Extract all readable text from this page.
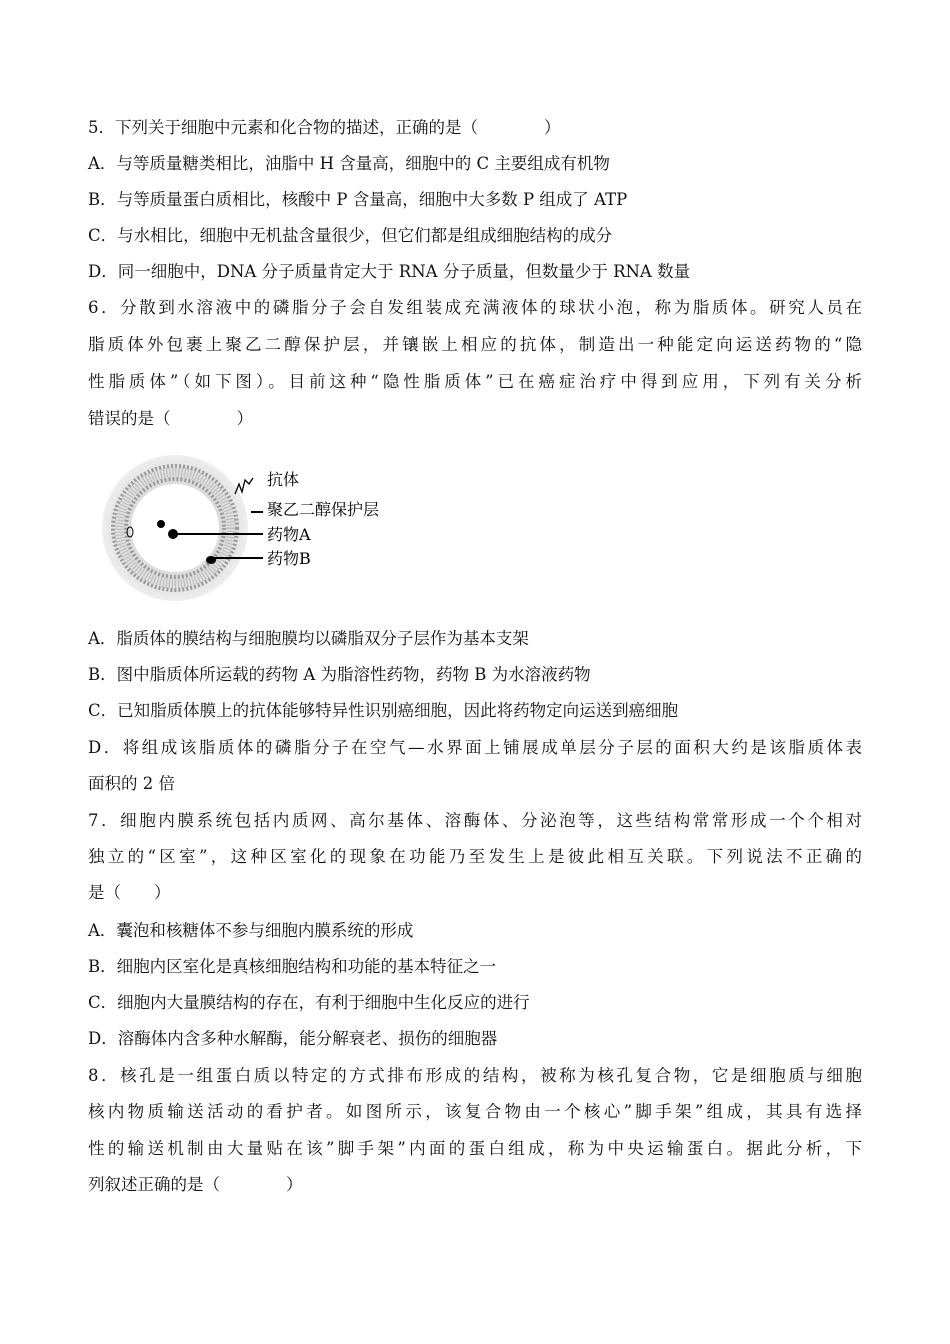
5．下列关于细胞中元素和化合物的描述，正确的是（　　　　）
A．与等质量糖类相比，油脂中 H 含量高，细胞中的 C 主要组成有机物
B．与等质量蛋白质相比，核酸中 P 含量高，细胞中大多数 P 组成了 ATP
C．与水相比，细胞中无机盐含量很少，但它们都是组成细胞结构的成分
D．同一细胞中，DNA 分子质量肯定大于 RNA 分子质量，但数量少于 RNA 数量
6．分散到水溶液中的磷脂分子会自发组装成充满液体的球状小泡，称为脂质体。研究人员在
脂质体外包裹上聚乙二醇保护层，并镶嵌上相应的抗体，制造出一种能定向运送药物的“隐
性脂质体”（如下图）。目前这种“隐性脂质体”已在癌症治疗中得到应用，下列有关分析
错误的是（　　　　）
抗体
聚乙二醇保护层
药物A
药物B
A．脂质体的膜结构与细胞膜均以磷脂双分子层作为基本支架
B．图中脂质体所运载的药物 A 为脂溶性药物，药物 B 为水溶液药物
C．已知脂质体膜上的抗体能够特异性识别癌细胞，因此将药物定向运送到癌细胞
D．将组成该脂质体的磷脂分子在空气—水界面上铺展成单层分子层的面积大约是该脂质体表
面积的 2 倍
7．细胞内膜系统包括内质网、高尔基体、溶酶体、分泌泡等，这些结构常常形成一个个相对
独立的“区室”，这种区室化的现象在功能乃至发生上是彼此相互关联。下列说法不正确的
是（　　）
A．囊泡和核糖体不参与细胞内膜系统的形成
B．细胞内区室化是真核细胞结构和功能的基本特征之一
C．细胞内大量膜结构的存在，有利于细胞中生化反应的进行
D．溶酶体内含多种水解酶，能分解衰老、损伤的细胞器
8．核孔是一组蛋白质以特定的方式排布形成的结构，被称为核孔复合物，它是细胞质与细胞
核内物质输送活动的看护者。如图所示，该复合物由一个核心”脚手架”组成，其具有选择
性的输送机制由大量贴在该”脚手架”内面的蛋白组成，称为中央运输蛋白。据此分析，下
列叙述正确的是（　　　　）
